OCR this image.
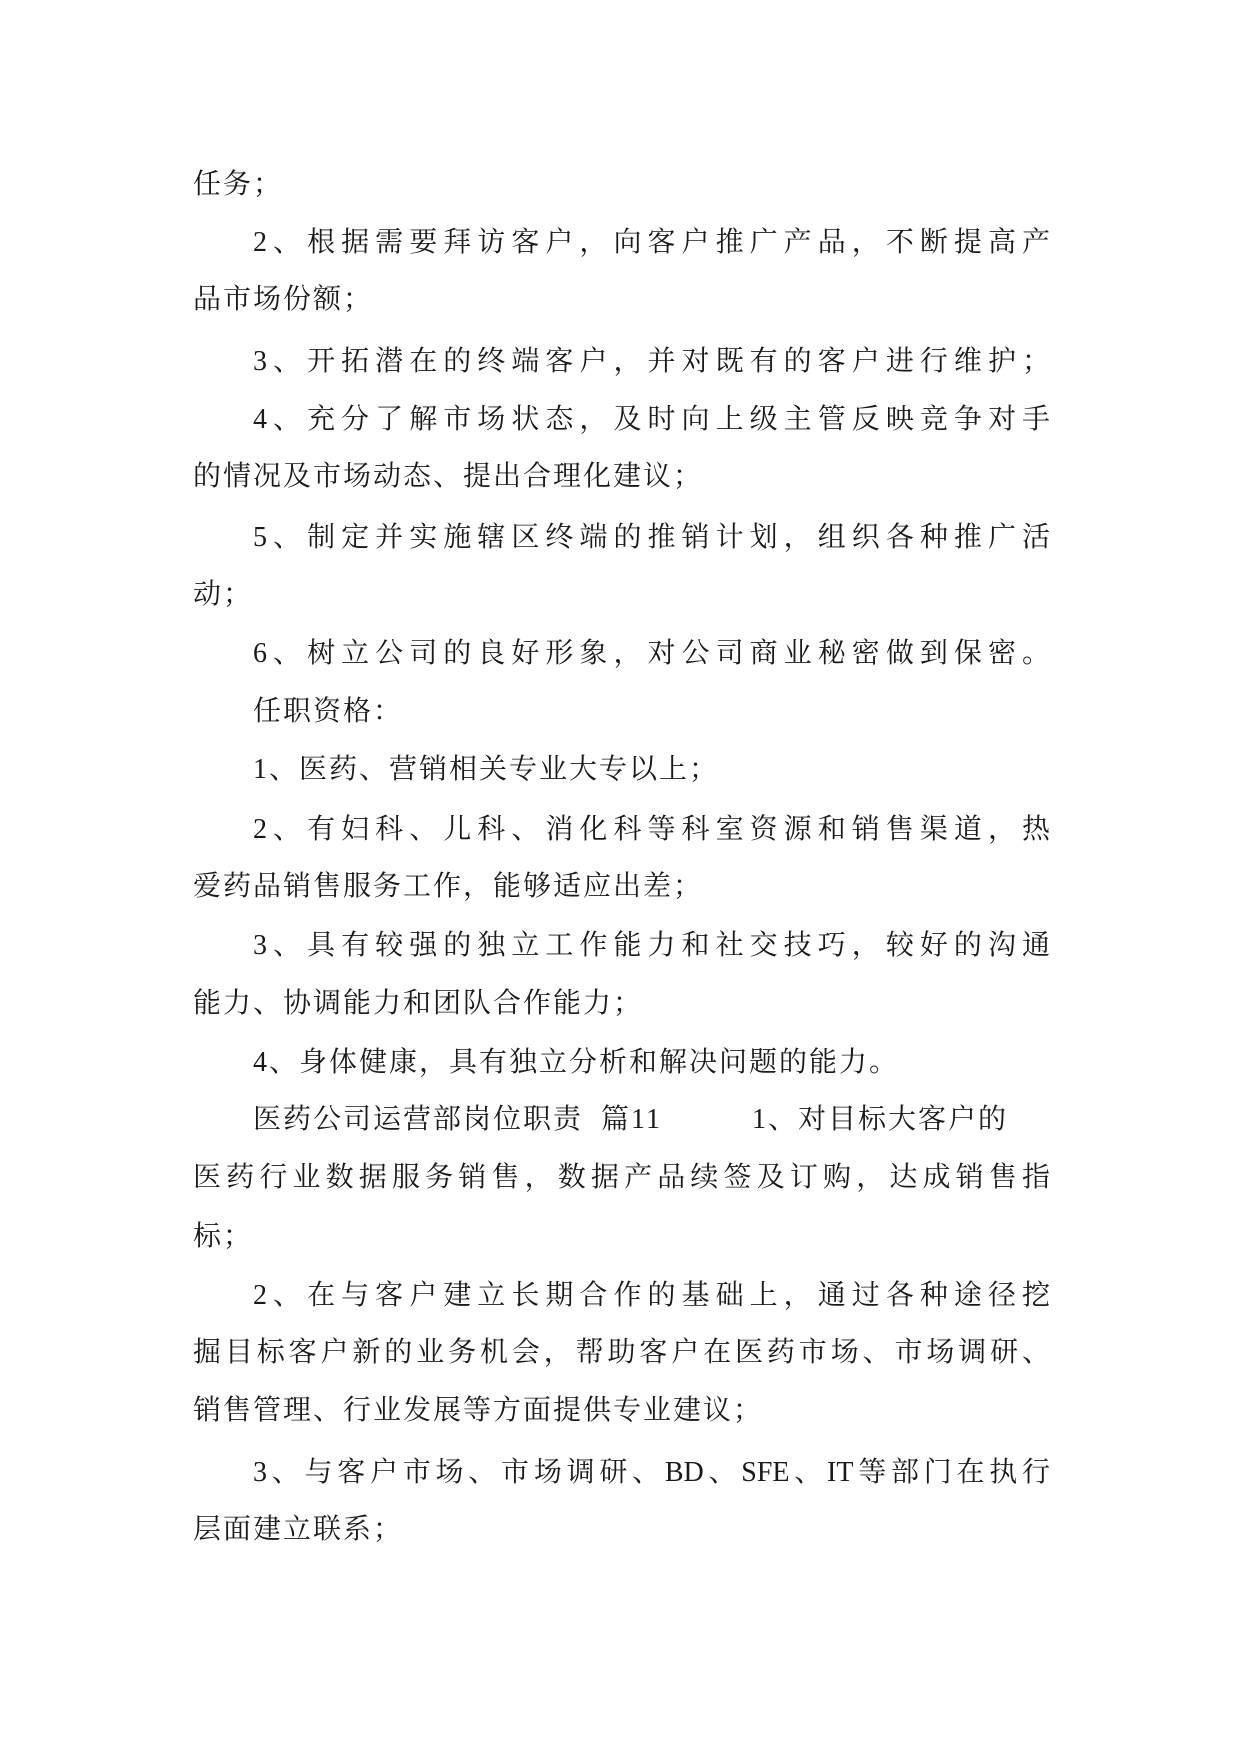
任务；
2、根据需要拜访客户，向客户推广产品，不断提高产
品市场份额；
3、开拓潜在的终端客户，并对既有的客户进行维护；
4、充分了解市场状态，及时向上级主管反映竞争对手
的情况及市场动态、提出合理化建议；
5、制定并实施辖区终端的推销计划，组织各种推广活
动；
6、树立公司的良好形象，对公司商业秘密做到保密。
任职资格：
1、医药、营销相关专业大专以上；
2、有妇科、儿科、消化科等科室资源和销售渠道，热
爱药品销售服务工作，能够适应出差；
3、具有较强的独立工作能力和社交技巧，较好的沟通
能力、协调能力和团队合作能力；
4、身体健康，具有独立分析和解决问题的能力。
医药公司运营部岗位职责  篇11	1、对目标大客户的
医药行业数据服务销售，数据产品续签及订购，达成销售指
标；
2、在与客户建立长期合作的基础上，通过各种途径挖
掘目标客户新的业务机会，帮助客户在医药市场、市场调研、
销售管理、行业发展等方面提供专业建议；
3、与客户市场、市场调研、BD、SFE、IT等部门在执行
层面建立联系；
